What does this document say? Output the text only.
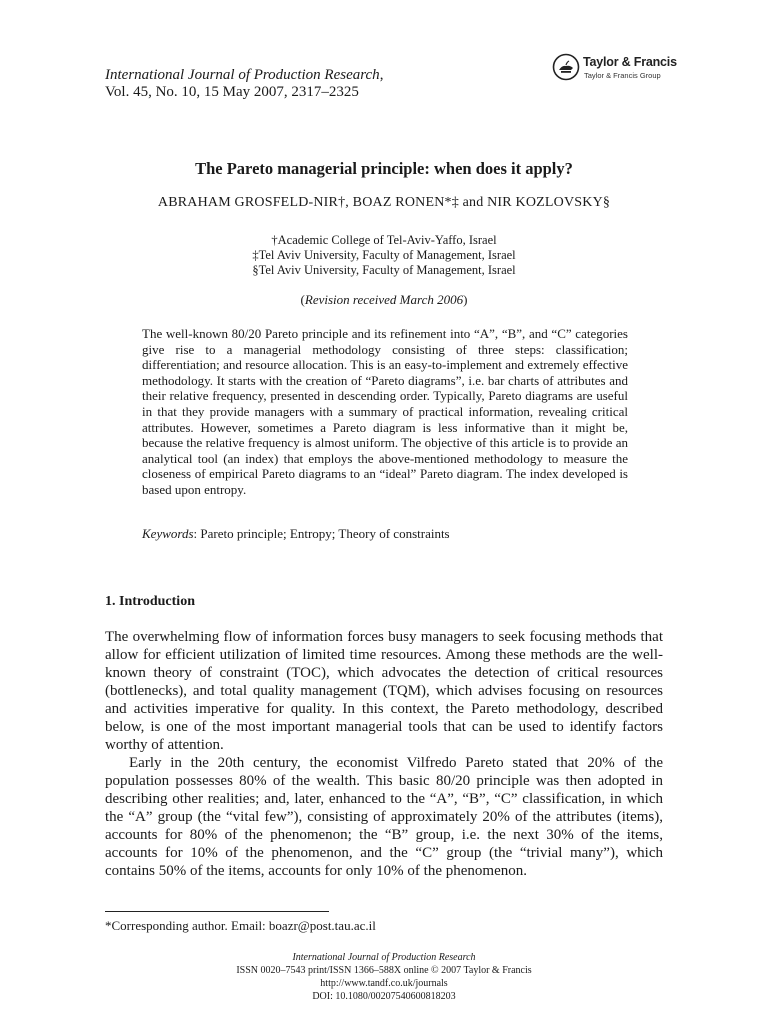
International Journal of Production Research,
Vol. 45, No. 10, 15 May 2007, 2317–2325
Taylor & Francis
Taylor & Francis Group
The Pareto managerial principle: when does it apply?
ABRAHAM GROSFELD-NIR†, BOAZ RONEN*‡ and NIR KOZLOVSKY§
†Academic College of Tel-Aviv-Yaffo, Israel
‡Tel Aviv University, Faculty of Management, Israel
§Tel Aviv University, Faculty of Management, Israel
(Revision received March 2006)
The well-known 80/20 Pareto principle and its refinement into “A”, “B”, and “C” categories give rise to a managerial methodology consisting of three steps: classification; differentiation; and resource allocation. This is an easy-to-implement and extremely effective methodology. It starts with the creation of “Pareto diagrams”, i.e. bar charts of attributes and their relative frequency, presented in descending order. Typically, Pareto diagrams are useful in that they provide managers with a summary of practical information, revealing critical attributes. However, sometimes a Pareto diagram is less informative than it might be, because the relative frequency is almost uniform. The objective of this article is to provide an analytical tool (an index) that employs the above-mentioned methodology to measure the closeness of empirical Pareto diagrams to an “ideal” Pareto diagram. The index developed is based upon entropy.
Keywords: Pareto principle; Entropy; Theory of constraints
1. Introduction

The overwhelming flow of information forces busy managers to seek focusing methods that allow for efficient utilization of limited time resources. Among these methods are the well-known theory of constraint (TOC), which advocates the detection of critical resources (bottlenecks), and total quality management (TQM), which advises focusing on resources and activities imperative for quality. In this context, the Pareto methodology, described below, is one of the most important managerial tools that can be used to identify factors worthy of attention.

Early in the 20th century, the economist Vilfredo Pareto stated that 20% of the population possesses 80% of the wealth. This basic 80/20 principle was then adopted in describing other realities; and, later, enhanced to the “A”, “B”, “C” classification, in which the “A” group (the “vital few”), consisting of approximately 20% of the attributes (items), accounts for 80% of the phenomenon; the “B” group, i.e. the next 30% of the items, accounts for 10% of the phenomenon, and the “C” group (the “trivial many”), which contains 50% of the items, accounts for only 10% of the phenomenon.

*Corresponding author. Email: boazr@post.tau.ac.il
International Journal of Production Research
ISSN 0020–7543 print/ISSN 1366–588X online © 2007 Taylor & Francis
http://www.tandf.co.uk/journals
DOI: 10.1080/00207540600818203
